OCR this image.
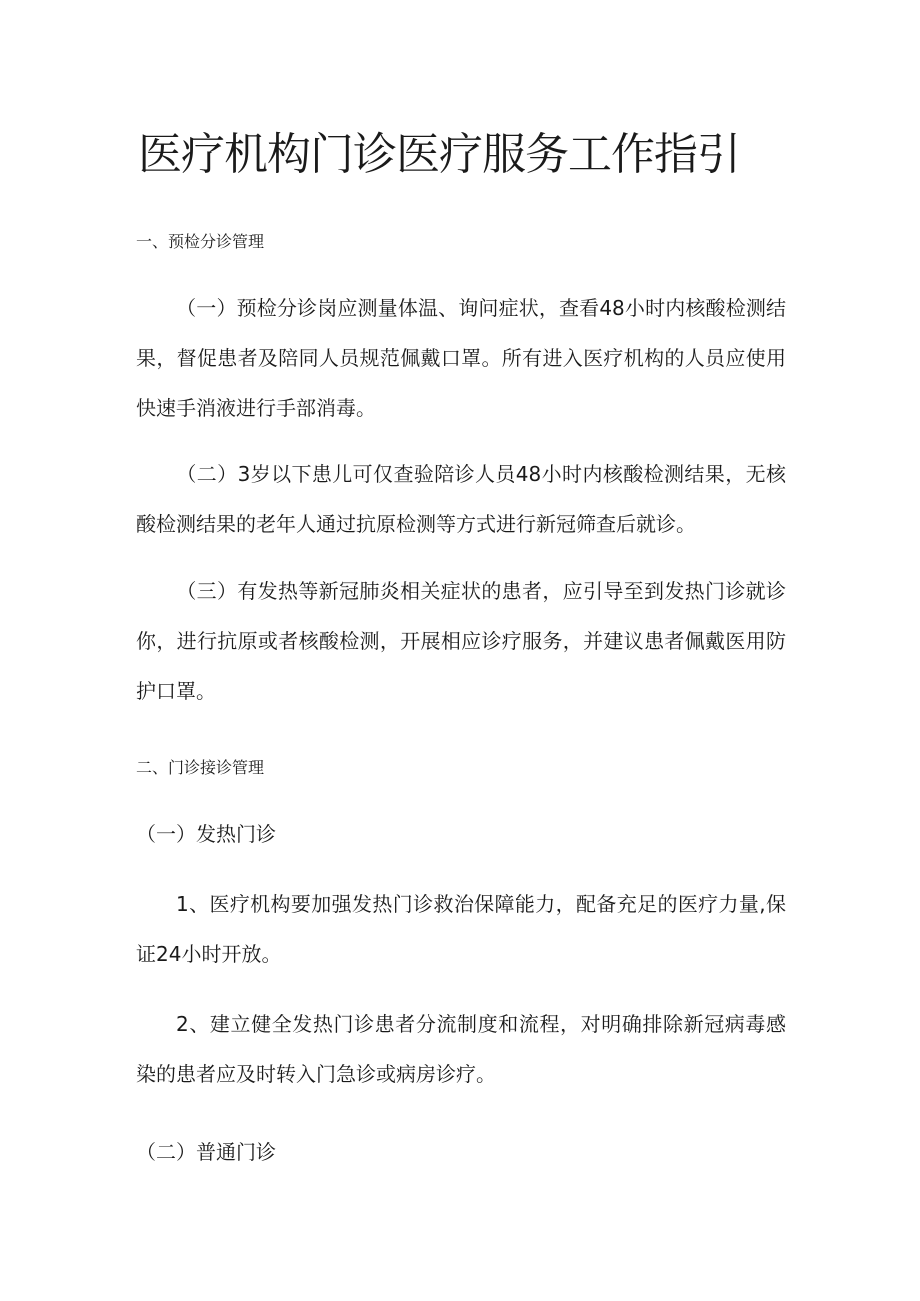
医疗机构门诊医疗服务工作指引
一、预检分诊管理
（一）预检分诊岗应测量体温、询问症状，查看48小时内核酸检测结果，督促患者及陪同人员规范佩戴口罩。所有进入医疗机构的人员应使用快速手消液进行手部消毒。
（二）3岁以下患儿可仅查验陪诊人员48小时内核酸检测结果，无核酸检测结果的老年人通过抗原检测等方式进行新冠筛查后就诊。
（三）有发热等新冠肺炎相关症状的患者，应引导至到发热门诊就诊你，进行抗原或者核酸检测，开展相应诊疗服务，并建议患者佩戴医用防护口罩。
二、门诊接诊管理
（一）发热门诊
1、医疗机构要加强发热门诊救治保障能力，配备充足的医疗力量,保证24小时开放。
2、建立健全发热门诊患者分流制度和流程，对明确排除新冠病毒感染的患者应及时转入门急诊或病房诊疗。
（二）普通门诊
